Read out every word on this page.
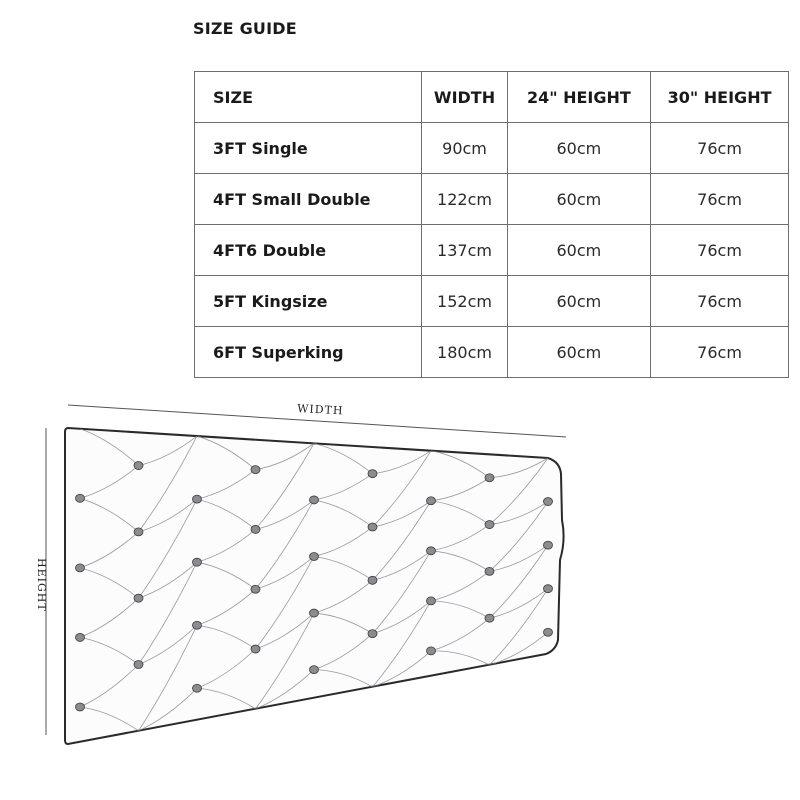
SIZE GUIDE
SIZE	WIDTH	24" HEIGHT	30" HEIGHT
3FT Single	90cm	60cm	76cm
4FT Small Double	122cm	60cm	76cm
4FT6 Double	137cm	60cm	76cm
5FT Kingsize	152cm	60cm	76cm
6FT Superking	180cm	60cm	76cm
WIDTH
HEIGHT
